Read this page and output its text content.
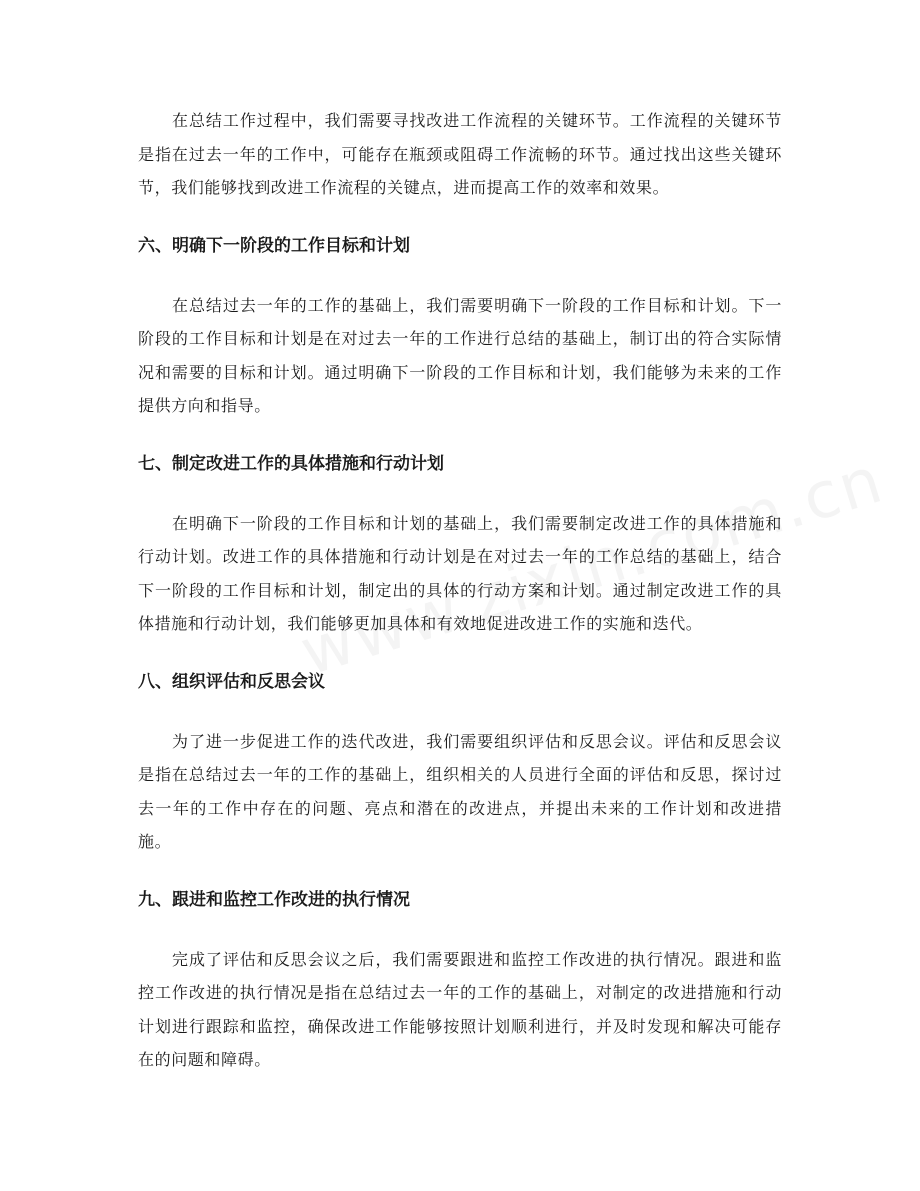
在总结工作过程中，我们需要寻找改进工作流程的关键环节。工作流程的关键环节是指在过去一年的工作中，可能存在瓶颈或阻碍工作流畅的环节。通过找出这些关键环节，我们能够找到改进工作流程的关键点，进而提高工作的效率和效果。

六、明确下一阶段的工作目标和计划

在总结过去一年的工作的基础上，我们需要明确下一阶段的工作目标和计划。下一阶段的工作目标和计划是在对过去一年的工作进行总结的基础上，制订出的符合实际情况和需要的目标和计划。通过明确下一阶段的工作目标和计划，我们能够为未来的工作提供方向和指导。

七、制定改进工作的具体措施和行动计划

在明确下一阶段的工作目标和计划的基础上，我们需要制定改进工作的具体措施和行动计划。改进工作的具体措施和行动计划是在对过去一年的工作总结的基础上，结合下一阶段的工作目标和计划，制定出的具体的行动方案和计划。通过制定改进工作的具体措施和行动计划，我们能够更加具体和有效地促进改进工作的实施和迭代。

八、组织评估和反思会议

为了进一步促进工作的迭代改进，我们需要组织评估和反思会议。评估和反思会议是指在总结过去一年的工作的基础上，组织相关的人员进行全面的评估和反思，探讨过去一年的工作中存在的问题、亮点和潜在的改进点，并提出未来的工作计划和改进措施。

九、跟进和监控工作改进的执行情况

完成了评估和反思会议之后，我们需要跟进和监控工作改进的执行情况。跟进和监控工作改进的执行情况是指在总结过去一年的工作的基础上，对制定的改进措施和行动计划进行跟踪和监控，确保改进工作能够按照计划顺利进行，并及时发现和解决可能存在的问题和障碍。
